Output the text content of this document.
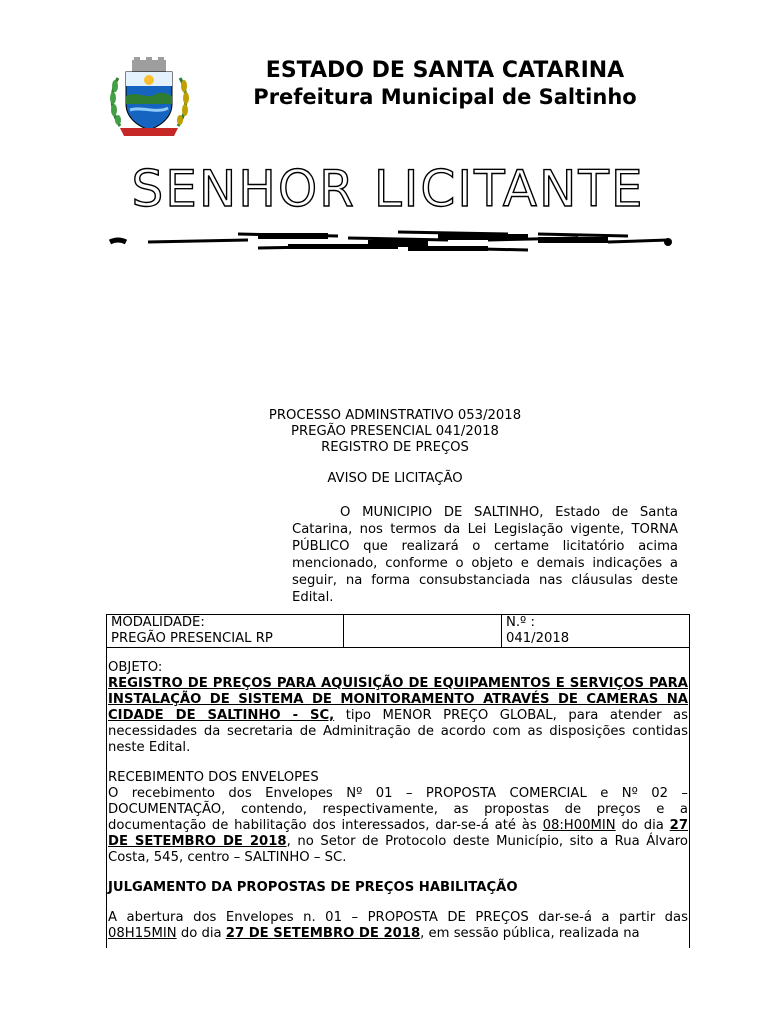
ESTADO DE SANTA CATARINA
Prefeitura Municipal de Saltinho
SENHOR LICITANTE
PROCESSO ADMINSTRATIVO 053/2018
PREGÃO PRESENCIAL 041/2018
REGISTRO DE PREÇOS
AVISO DE LICITAÇÃO

O MUNICIPIO DE SALTINHO, Estado de Santa Catarina, nos termos da Lei Legislação vigente, TORNA PÚBLICO que realizará o certame licitatório acima mencionado, conforme o objeto e demais indicações a seguir, na forma consubstanciada nas cláusulas deste Edital.

MODALIDADE:
PREGÃO PRESENCIAL RP
N.º :
041/2018

OBJETO:

REGISTRO DE PREÇOS PARA AQUISIÇÃO DE EQUIPAMENTOS E SERVIÇOS PARA INSTALAÇÃO DE SISTEMA DE MONITORAMENTO ATRAVÉS DE CAMERAS NA CIDADE DE SALTINHO - SC, tipo MENOR PREÇO GLOBAL, para atender as necessidades da secretaria de Adminitração de acordo com as disposições contidas neste Edital.

RECEBIMENTO DOS ENVELOPES

O recebimento dos Envelopes Nº 01 – PROPOSTA COMERCIAL e Nº 02 – DOCUMENTAÇÃO, contendo, respectivamente, as propostas de preços e a documentação de habilitação dos interessados, dar-se-á até às 08:H00MIN do dia 27 DE SETEMBRO DE 2018, no Setor de Protocolo deste Município, sito a Rua Álvaro Costa, 545, centro – SALTINHO – SC.

JULGAMENTO DA PROPOSTAS DE PREÇOS HABILITAÇÃO

A abertura dos Envelopes n. 01 – PROPOSTA DE PREÇOS dar-se-á a partir das 08H15MIN do dia 27 DE SETEMBRO DE 2018, em sessão pública, realizada na
